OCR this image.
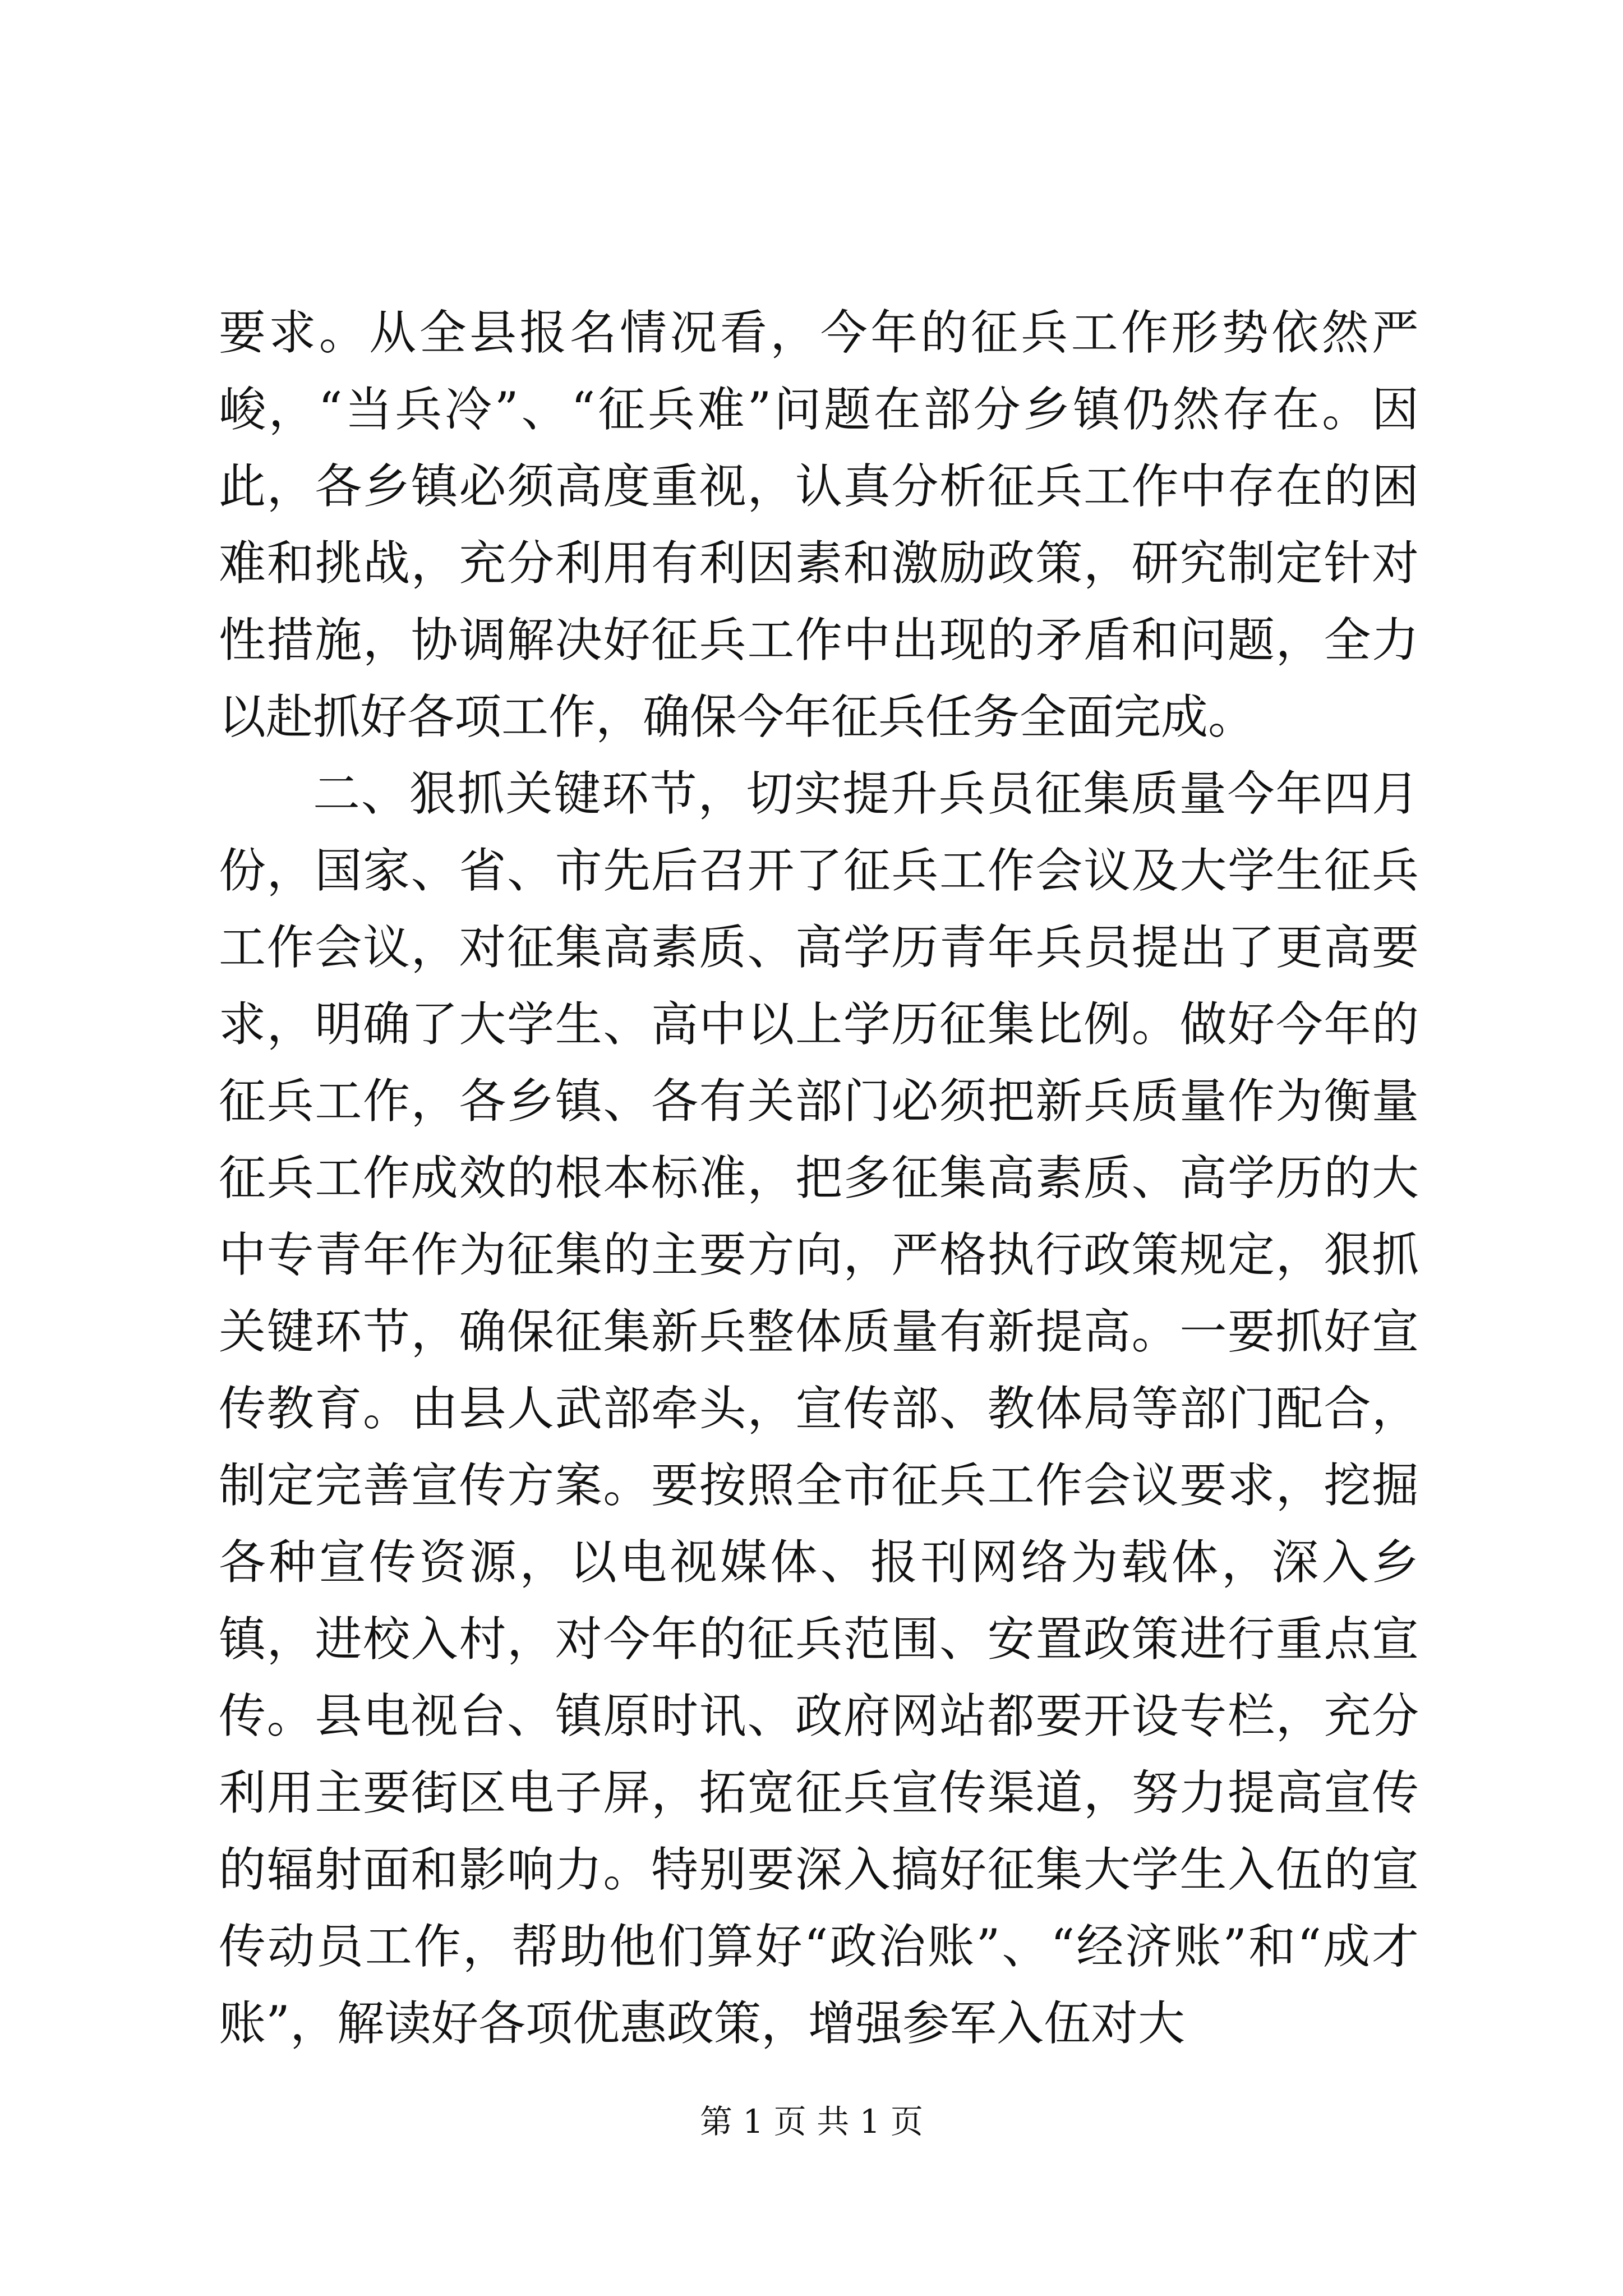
要求。从全县报名情况看，今年的征兵工作形势依然严峻，“当兵冷”、“征兵难”问题在部分乡镇仍然存在。因此，各乡镇必须高度重视，认真分析征兵工作中存在的困难和挑战，充分利用有利因素和激励政策，研究制定针对性措施，协调解决好征兵工作中出现的矛盾和问题，全力以赴抓好各项工作，确保今年征兵任务全面完成。

二、狠抓关键环节，切实提升兵员征集质量今年四月份，国家、省、市先后召开了征兵工作会议及大学生征兵工作会议，对征集高素质、高学历青年兵员提出了更高要求，明确了大学生、高中以上学历征集比例。做好今年的征兵工作，各乡镇、各有关部门必须把新兵质量作为衡量征兵工作成效的根本标准，把多征集高素质、高学历的大中专青年作为征集的主要方向，严格执行政策规定，狠抓关键环节，确保征集新兵整体质量有新提高。一要抓好宣传教育。由县人武部牵头，宣传部、教体局等部门配合，制定完善宣传方案。要按照全市征兵工作会议要求，挖掘各种宣传资源，以电视媒体、报刊网络为载体，深入乡镇，进校入村，对今年的征兵范围、安置政策进行重点宣传。县电视台、镇原时讯、政府网站都要开设专栏，充分利用主要街区电子屏，拓宽征兵宣传渠道，努力提高宣传的辐射面和影响力。特别要深入搞好征集大学生入伍的宣传动员工作，帮助他们算好“政治账”、“经济账”和“成才账”，解读好各项优惠政策，增强参军入伍对大

第 1 页 共 1 页
